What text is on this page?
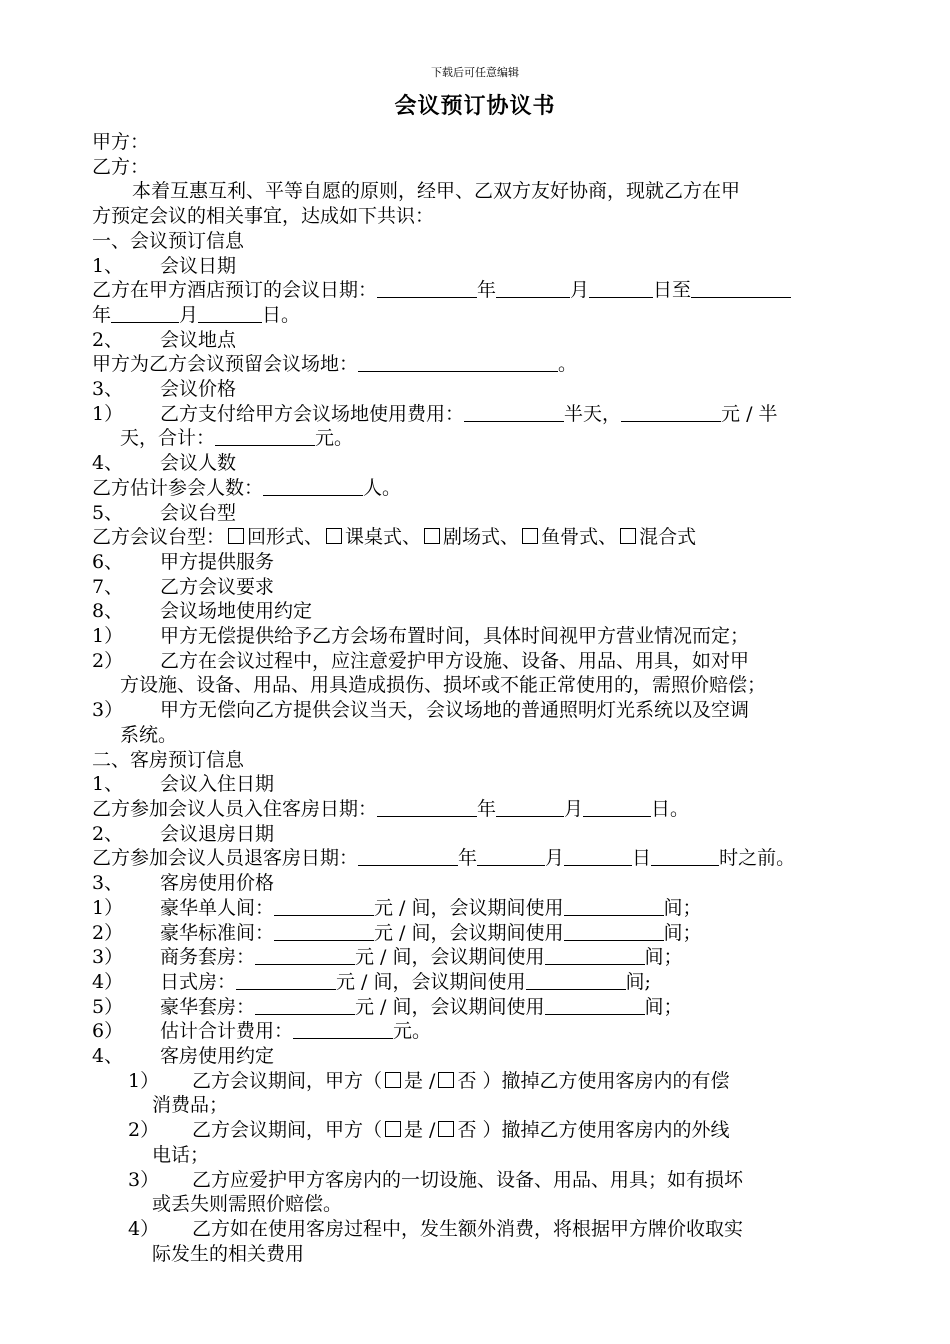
下载后可任意编辑
会议预订协议书
甲方：
乙方：
本着互惠互利、平等自愿的原则，经甲、乙双方友好协商，现就乙方在甲
方预定会议的相关事宜，达成如下共识：
一、会议预订信息
1、 会议日期
乙方在甲方酒店预订的会议日期：	年	月	日至
年	月	日。
2、 会议地点
甲方为乙方会议预留会议场地：	。
3、 会议价格
1） 乙方支付给甲方会议场地使用费用：	半天，	元 / 半
天，合计：	元。
4、 会议人数
乙方估计参会人数：	人。
5、 会议台型
乙方会议台型： 回形式、 课桌式、 剧场式、 鱼骨式、 混合式
6、 甲方提供服务
7、 乙方会议要求
8、 会议场地使用约定
1） 甲方无偿提供给予乙方会场布置时间，具体时间视甲方营业情况而定；
2） 乙方在会议过程中，应注意爱护甲方设施、设备、用品、用具，如对甲
方设施、设备、用品、用具造成损伤、损坏或不能正常使用的，需照价赔偿；
3） 甲方无偿向乙方提供会议当天，会议场地的普通照明灯光系统以及空调
系统。
二、客房预订信息
1、 会议入住日期
乙方参加会议人员入住客房日期：	年	月	日。
2、 会议退房日期
乙方参加会议人员退客房日期：	年	月	日	时之前。
3、 客房使用价格
1） 豪华单人间：	元 / 间，会议期间使用	间；
2） 豪华标准间：	元 / 间，会议期间使用	间；
3） 商务套房：	元 / 间，会议期间使用	间；
4） 日式房：	元 / 间，会议期间使用	间;
5） 豪华套房：	元 / 间，会议期间使用	间；
6） 估计合计费用：	元。
4、 客房使用约定
1） 乙方会议期间，甲方（ 是 / 否 ）撤掉乙方使用客房内的有偿
消费品；
2） 乙方会议期间，甲方（ 是 / 否 ）撤掉乙方使用客房内的外线
电话；
3） 乙方应爱护甲方客房内的一切设施、设备、用品、用具；如有损坏
或丢失则需照价赔偿。
4） 乙方如在使用客房过程中，发生额外消费，将根据甲方牌价收取实
际发生的相关费用
